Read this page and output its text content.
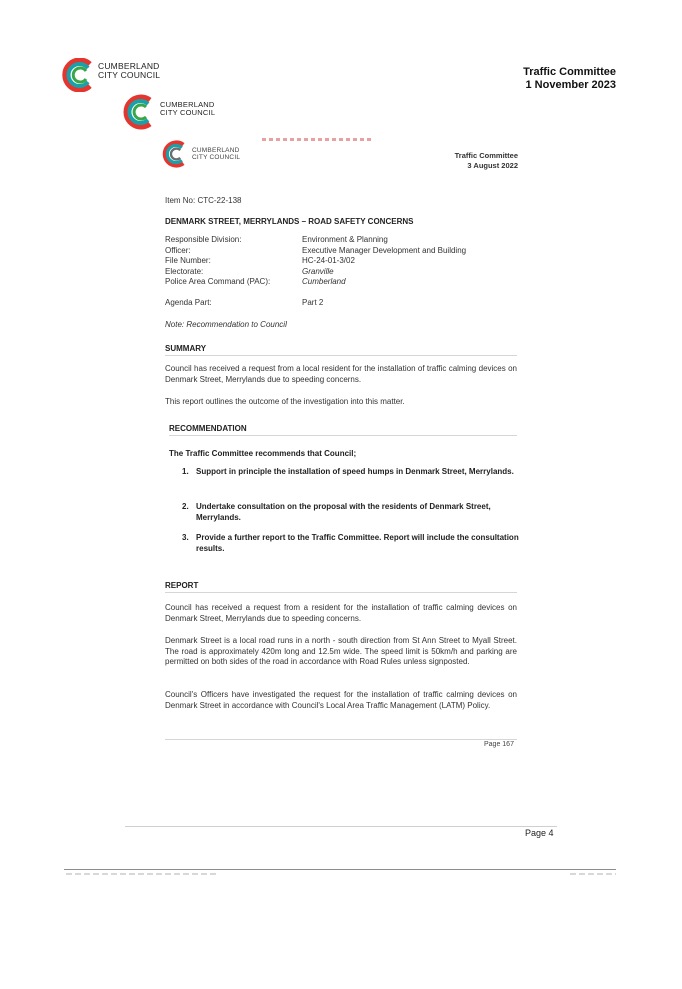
CUMBERLAND
CITY COUNCIL	Traffic Committee
1 November 2023
CUMBERLAND
CITY COUNCIL
CUMBERLAND
CITY COUNCIL	Traffic Committee
3 August 2022
Item No: CTC-22-138
DENMARK STREET, MERRYLANDS – ROAD SAFETY CONCERNS
Responsible Division:	Environment & Planning
Officer:	Executive Manager Development and Building
File Number:	HC-24-01-3/02
Electorate:	Granville
Police Area Command (PAC):	Cumberland
Agenda Part:	Part 2
Note: Recommendation to Council
SUMMARY
Council has received a request from a local resident for the installation of traffic calming devices on Denmark Street, Merrylands due to speeding concerns.
This report outlines the outcome of the investigation into this matter.
RECOMMENDATION
The Traffic Committee recommends that Council;
1. Support in principle the installation of speed humps in Denmark Street, Merrylands.
2. Undertake consultation on the proposal with the residents of Denmark Street, Merrylands.
3. Provide a further report to the Traffic Committee. Report will include the consultation results.
REPORT
Council has received a request from a resident for the installation of traffic calming devices on Denmark Street, Merrylands due to speeding concerns.
Denmark Street is a local road runs in a north - south direction from St Ann Street to Myall Street. The road is approximately 420m long and 12.5m wide. The speed limit is 50km/h and parking are permitted on both sides of the road in accordance with Road Rules unless signposted.
Council's Officers have investigated the request for the installation of traffic calming devices on Denmark Street in accordance with Council's Local Area Traffic Management (LATM) Policy.
Page 167
Page 4
